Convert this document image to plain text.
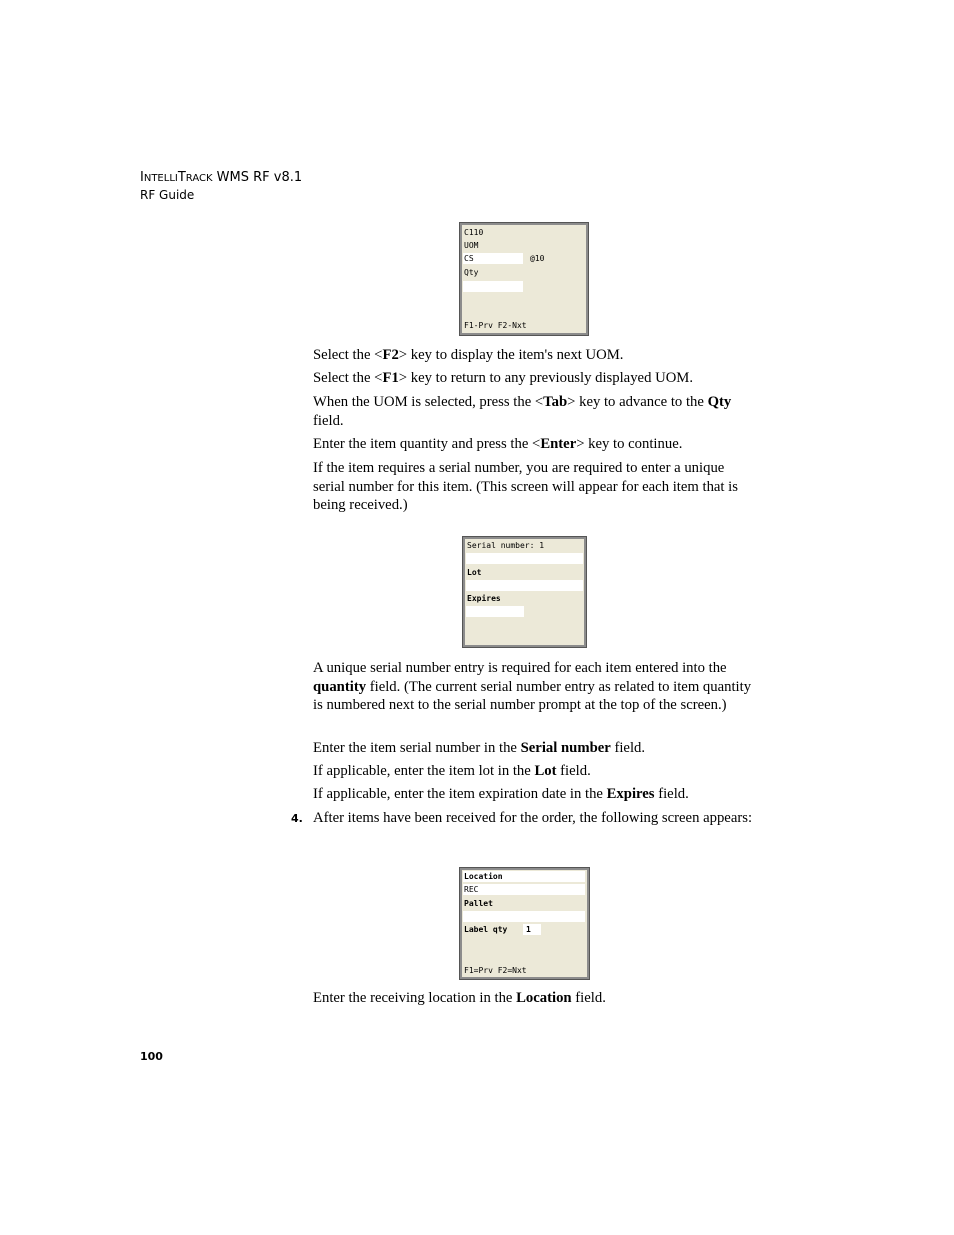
INTELLITRACK WMS RF v8.1
RF Guide
C110
UOM
CS	@10
Qty
F1-Prv F2-Nxt

Select the <F2> key to display the item's next UOM.

Select the <F1> key to return to any previously displayed UOM.

When the UOM is selected, press the <Tab> key to advance to the Qty field.

Enter the item quantity and press the <Enter> key to continue.

If the item requires a serial number, you are required to enter a unique serial number for this item. (This screen will appear for each item that is being received.)

Serial number: 1
Lot
Expires

A unique serial number entry is required for each item entered into the quantity field. (The current serial number entry as related to item quantity is numbered next to the serial number prompt at the top of the screen.)

Enter the item serial number in the Serial number field.

If applicable, enter the item lot in the Lot field.

If applicable, enter the item expiration date in the Expires field.

4. After items have been received for the order, the following screen appears:

Location
REC
Pallet
Label qty 1
F1=Prv F2=Nxt

Enter the receiving location in the Location field.

100
